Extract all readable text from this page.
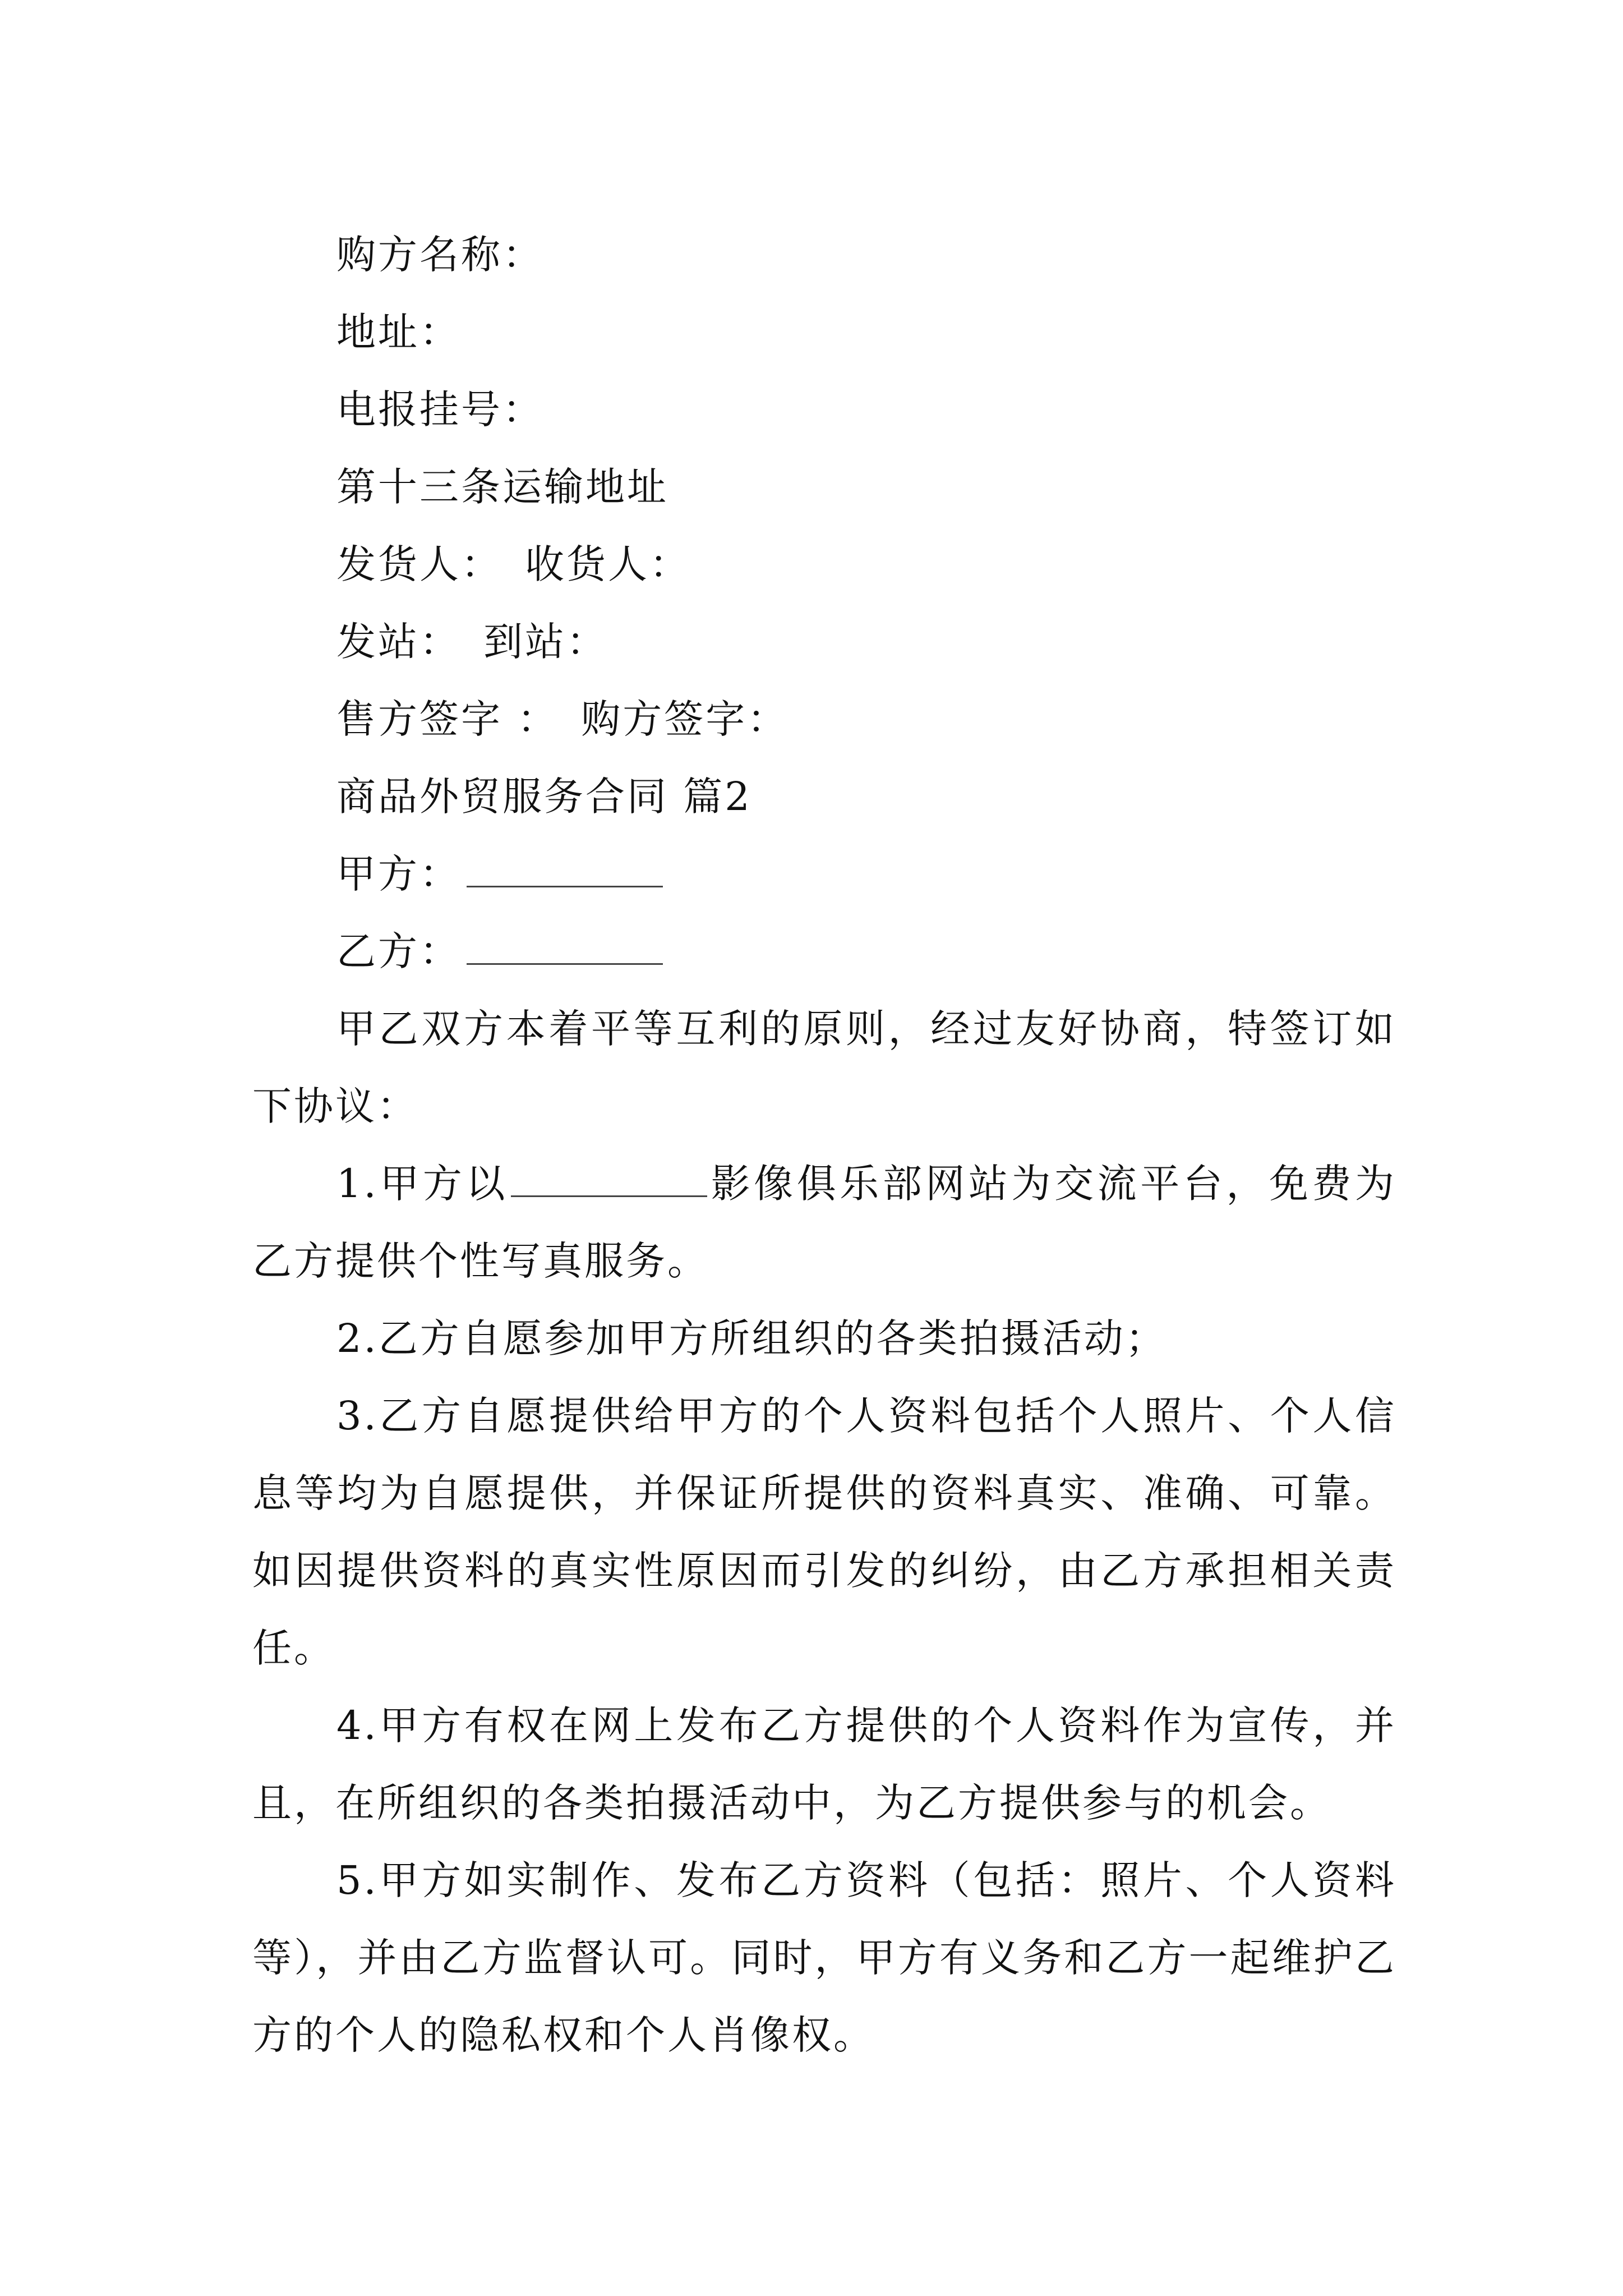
购方名称：
地址：
电报挂号：
第十三条运输地址
发货人： 收货人：
发站： 到站：
售方签字 ： 购方签字：
商品外贸服务合同 篇2
甲方：
乙方：
甲乙双方本着平等互利的原则，经过友好协商，特签订如下协议：
1.甲方以	影像俱乐部网站为交流平台，免费为乙方提供个性写真服务。
2.乙方自愿参加甲方所组织的各类拍摄活动；
3.乙方自愿提供给甲方的个人资料包括个人照片、个人信息等均为自愿提供，并保证所提供的资料真实、准确、可靠。如因提供资料的真实性原因而引发的纠纷，由乙方承担相关责任。
4.甲方有权在网上发布乙方提供的个人资料作为宣传，并且，在所组织的各类拍摄活动中，为乙方提供参与的机会。
5.甲方如实制作、发布乙方资料（包括：照片、个人资料等），并由乙方监督认可。同时，甲方有义务和乙方一起维护乙方的个人的隐私权和个人肖像权。
